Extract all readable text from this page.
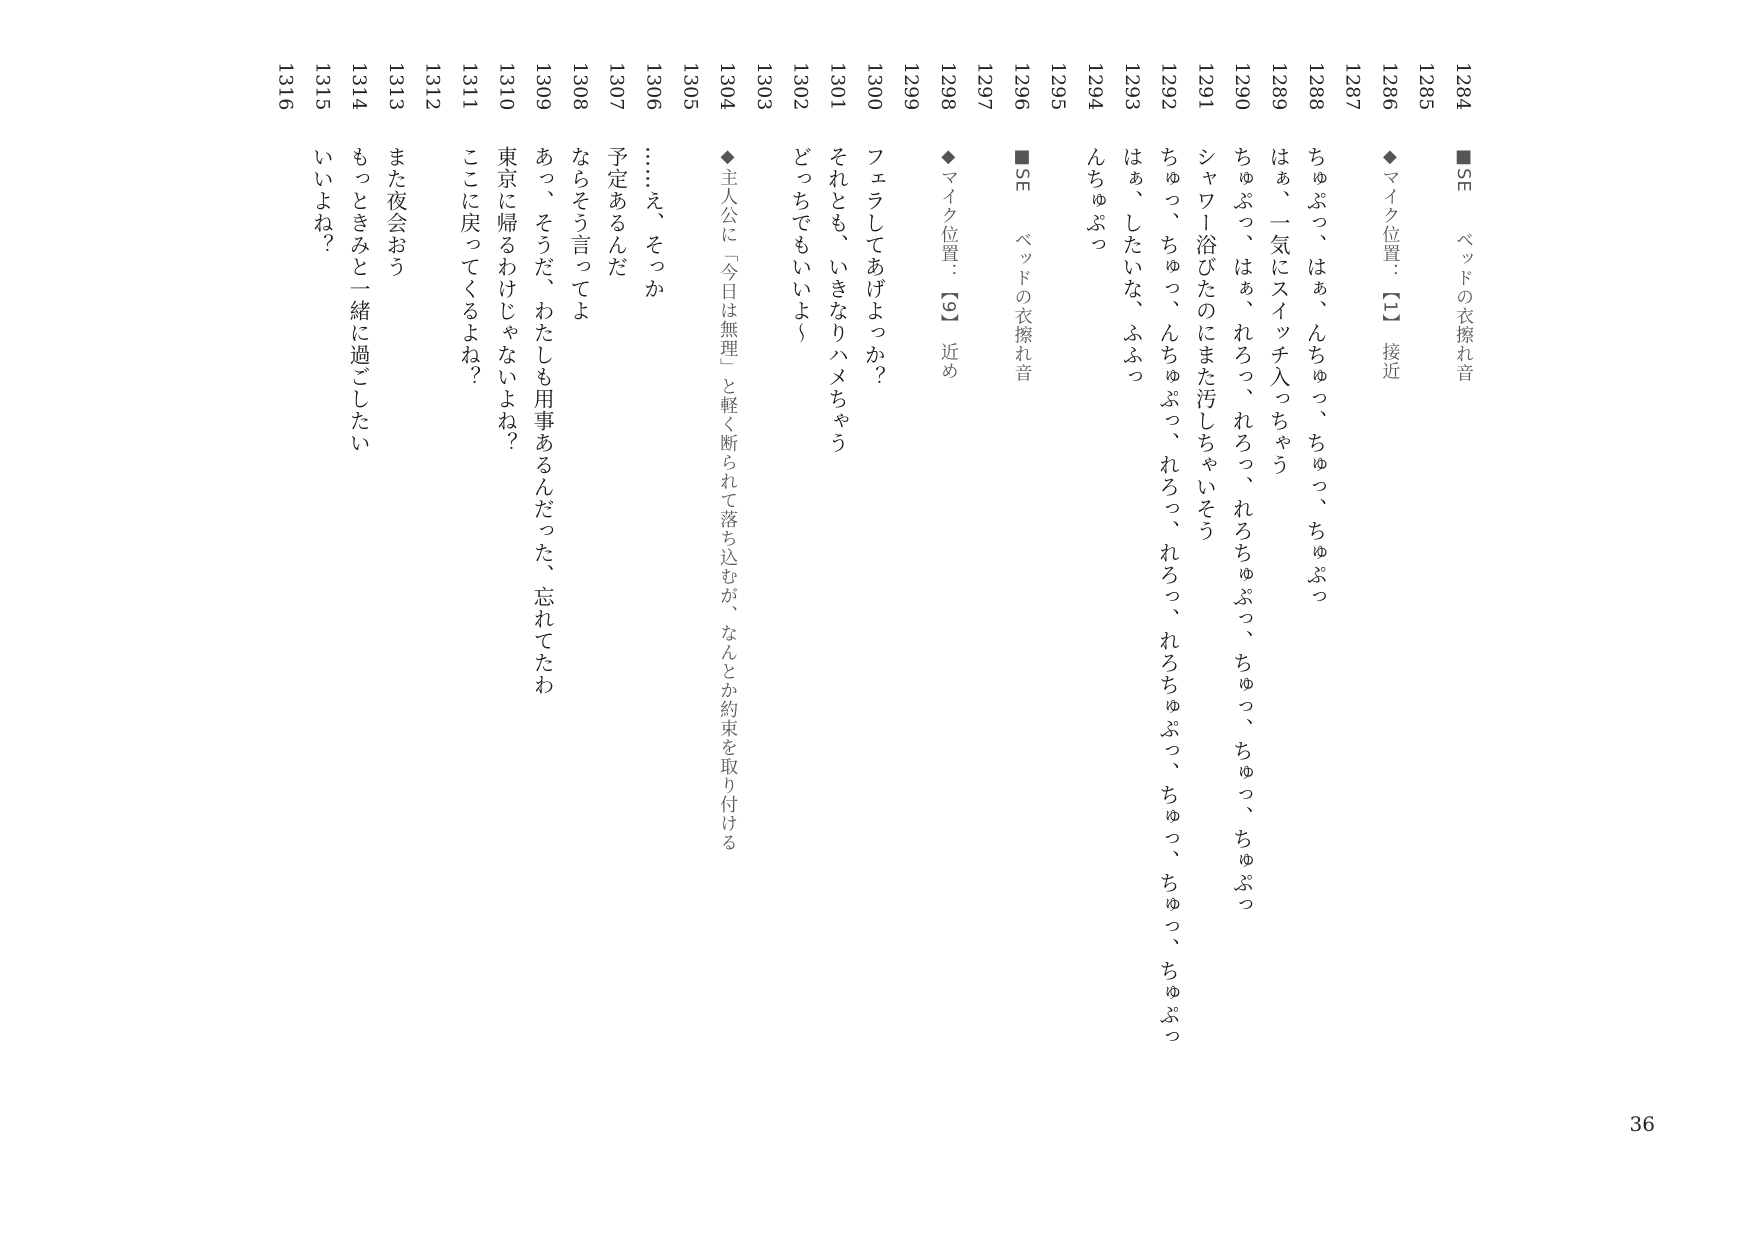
1284■SE　　ベッドの衣擦れ音
1285
1286◆マイク位置：【1】　接近
1287
1288ちゅぷっ、はぁ、んちゅっ、ちゅっ、ちゅぷっ
1289はぁ、一気にスイッチ入っちゃう
1290ちゅぷっ、はぁ、れろっ、れろっ、れろちゅぷっ、ちゅっ、ちゅっ、ちゅぷっ
1291シャワー浴びたのにまた汚しちゃいそう
1292ちゅっ、ちゅっ、んちゅぷっ、れろっ、れろっ、れろちゅぷっ、ちゅっ、ちゅっ、ちゅぷっ
1293はぁ、したいな、ふふっ
1294んちゅぷっ
1295
1296■SE　　ベッドの衣擦れ音
1297
1298◆マイク位置：【9】　近め
1299
1300フェラしてあげよっか？
1301それとも、いきなりハメちゃう
1302どっちでもいいよ～
1303
1304◆主人公に「今日は無理」と軽く断られて落ち込むが、なんとか約束を取り付ける
1305
1306……え、そっか
1307予定あるんだ
1308ならそう言ってよ
1309あっ、そうだ、わたしも用事あるんだった、忘れてたわ
1310東京に帰るわけじゃないよね？
1311ここに戻ってくるよね？
1312
1313また夜会おう
1314もっときみと一緒に過ごしたい
1315いいよね？
1316
36
